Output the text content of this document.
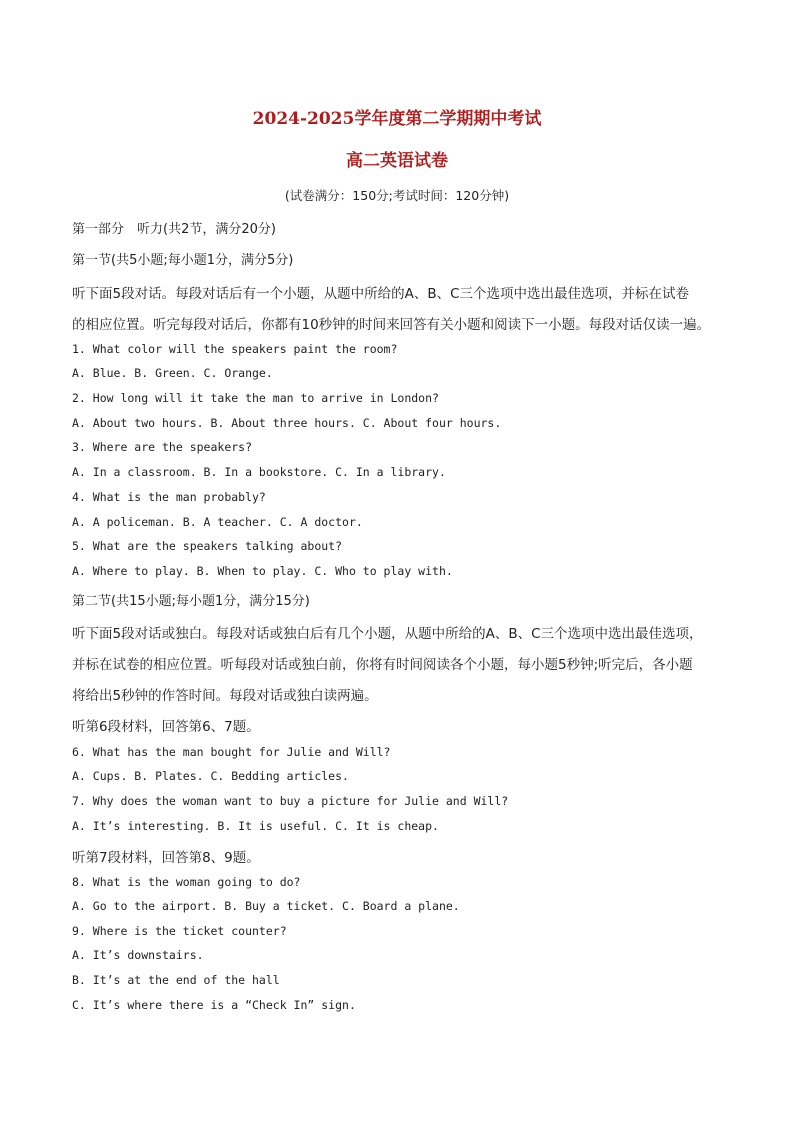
2024-2025学年度第二学期期中考试
高二英语试卷
(试卷满分：150分;考试时间：120分钟)
第一部分　听力(共2节，满分20分)
第一节(共5小题;每小题1分，满分5分)
听下面5段对话。每段对话后有一个小题，从题中所给的A、B、C三个选项中选出最佳选项，并标在试卷
的相应位置。听完每段对话后，你都有10秒钟的时间来回答有关小题和阅读下一小题。每段对话仅读一遍。
1. What color will the speakers paint the room?
A. Blue. B. Green. C. Orange.
2. How long will it take the man to arrive in London?
A. About two hours. B. About three hours. C. About four hours.
3. Where are the speakers?
A. In a classroom. B. In a bookstore. C. In a library.
4. What is the man probably?
A. A policeman. B. A teacher. C. A doctor.
5. What are the speakers talking about?
A. Where to play. B. When to play. C. Who to play with.
第二节(共15小题;每小题1分，满分15分)
听下面5段对话或独白。每段对话或独白后有几个小题，从题中所给的A、B、C三个选项中选出最佳选项，
并标在试卷的相应位置。听每段对话或独白前，你将有时间阅读各个小题，每小题5秒钟;听完后，各小题
将给出5秒钟的作答时间。每段对话或独白读两遍。
听第6段材料，回答第6、7题。
6. What has the man bought for Julie and Will?
A. Cups. B. Plates. C. Bedding articles.
7. Why does the woman want to buy a picture for Julie and Will?
A. It’s interesting. B. It is useful. C. It is cheap.
听第7段材料，回答第8、9题。
8. What is the woman going to do?
A. Go to the airport. B. Buy a ticket. C. Board a plane.
9. Where is the ticket counter?
A. It’s downstairs.
B. It’s at the end of the hall
C. It’s where there is a “Check In” sign.
